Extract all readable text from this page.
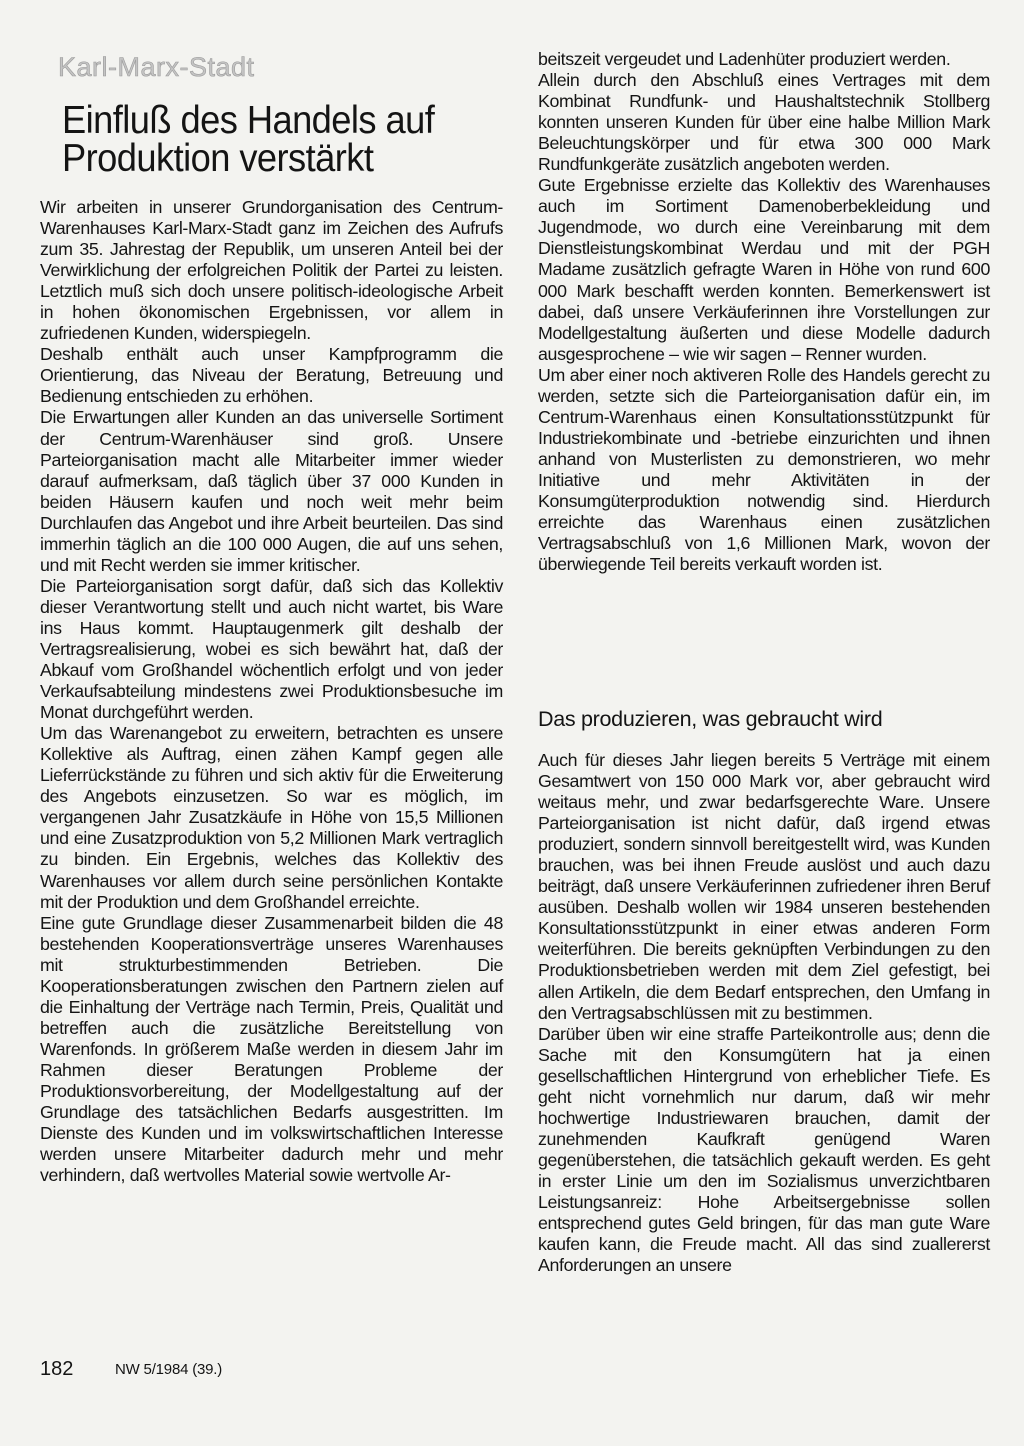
Karl-Marx-Stadt
Einfluß des Handels auf Produktion verstärkt

Wir arbeiten in unserer Grundorganisation des Centrum-Warenhauses Karl-Marx-Stadt ganz im Zeichen des Aufrufs zum 35. Jahrestag der Republik, um unseren Anteil bei der Verwirklichung der erfolgreichen Politik der Partei zu leisten. Letztlich muß sich doch unsere politisch-ideologische Arbeit in hohen ökonomischen Ergebnissen, vor allem in zufriedenen Kunden, widerspiegeln.

Deshalb enthält auch unser Kampfprogramm die Orientierung, das Niveau der Beratung, Betreuung und Bedienung entschieden zu erhöhen.

Die Erwartungen aller Kunden an das universelle Sortiment der Centrum-Warenhäuser sind groß. Unsere Parteiorganisation macht alle Mitarbeiter immer wieder darauf aufmerksam, daß täglich über 37 000 Kunden in beiden Häusern kaufen und noch weit mehr beim Durchlaufen das Angebot und ihre Arbeit beurteilen. Das sind immerhin täglich an die 100 000 Augen, die auf uns sehen, und mit Recht werden sie immer kritischer.

Die Parteiorganisation sorgt dafür, daß sich das Kollektiv dieser Verantwortung stellt und auch nicht wartet, bis Ware ins Haus kommt. Hauptaugenmerk gilt deshalb der Vertragsrealisierung, wobei es sich bewährt hat, daß der Abkauf vom Großhandel wöchentlich erfolgt und von jeder Verkaufsabteilung mindestens zwei Produktionsbesuche im Monat durchgeführt werden.

Um das Warenangebot zu erweitern, betrachten es unsere Kollektive als Auftrag, einen zähen Kampf gegen alle Lieferrückstände zu führen und sich aktiv für die Erweiterung des Angebots einzusetzen. So war es möglich, im vergangenen Jahr Zusatzkäufe in Höhe von 15,5 Millionen und eine Zusatzproduktion von 5,2 Millionen Mark vertraglich zu binden. Ein Ergebnis, welches das Kollektiv des Warenhauses vor allem durch seine persönlichen Kontakte mit der Produktion und dem Großhandel erreichte.

Eine gute Grundlage dieser Zusammenarbeit bilden die 48 bestehenden Kooperationsverträge unseres Warenhauses mit strukturbestimmenden Betrieben. Die Kooperationsberatungen zwischen den Partnern zielen auf die Einhaltung der Verträge nach Termin, Preis, Qualität und betreffen auch die zusätzliche Bereitstellung von Warenfonds. In größerem Maße werden in diesem Jahr im Rahmen dieser Beratungen Probleme der Produktionsvorbereitung, der Modellgestaltung auf der Grundlage des tatsächlichen Bedarfs ausgestritten. Im Dienste des Kunden und im volkswirtschaftlichen Interesse werden unsere Mitarbeiter dadurch mehr und mehr verhindern, daß wertvolles Material sowie wertvolle Ar-

beitszeit vergeudet und Ladenhüter produziert werden.

Allein durch den Abschluß eines Vertrages mit dem Kombinat Rundfunk- und Haushaltstechnik Stollberg konnten unseren Kunden für über eine halbe Million Mark Beleuchtungskörper und für etwa 300 000 Mark Rundfunkgeräte zusätzlich angeboten werden.

Gute Ergebnisse erzielte das Kollektiv des Warenhauses auch im Sortiment Damenoberbekleidung und Jugendmode, wo durch eine Vereinbarung mit dem Dienstleistungskombinat Werdau und mit der PGH Madame zusätzlich gefragte Waren in Höhe von rund 600 000 Mark beschafft werden konnten. Bemerkenswert ist dabei, daß unsere Verkäuferinnen ihre Vorstellungen zur Modellgestaltung äußerten und diese Modelle dadurch ausgesprochene – wie wir sagen – Renner wurden.

Um aber einer noch aktiveren Rolle des Handels gerecht zu werden, setzte sich die Parteiorganisation dafür ein, im Centrum-Warenhaus einen Konsultationsstützpunkt für Industriekombinate und -betriebe einzurichten und ihnen anhand von Musterlisten zu demonstrieren, wo mehr Initiative und mehr Aktivitäten in der Konsumgüterproduktion notwendig sind. Hierdurch erreichte das Warenhaus einen zusätzlichen Vertragsabschluß von 1,6 Millionen Mark, wovon der überwiegende Teil bereits verkauft worden ist.

Das produzieren, was gebraucht wird

Auch für dieses Jahr liegen bereits 5 Verträge mit einem Gesamtwert von 150 000 Mark vor, aber gebraucht wird weitaus mehr, und zwar bedarfsgerechte Ware. Unsere Parteiorganisation ist nicht dafür, daß irgend etwas produziert, sondern sinnvoll bereitgestellt wird, was Kunden brauchen, was bei ihnen Freude auslöst und auch dazu beiträgt, daß unsere Verkäuferinnen zufriedener ihren Beruf ausüben. Deshalb wollen wir 1984 unseren bestehenden Konsultationsstützpunkt in einer etwas anderen Form weiterführen. Die bereits geknüpften Verbindungen zu den Produktionsbetrieben werden mit dem Ziel gefestigt, bei allen Artikeln, die dem Bedarf entsprechen, den Umfang in den Vertragsabschlüssen mit zu bestimmen.

Darüber üben wir eine straffe Parteikontrolle aus; denn die Sache mit den Konsumgütern hat ja einen gesellschaftlichen Hintergrund von erheblicher Tiefe. Es geht nicht vornehmlich nur darum, daß wir mehr hochwertige Industriewaren brauchen, damit der zunehmenden Kaufkraft genügend Waren gegenüberstehen, die tatsächlich gekauft werden. Es geht in erster Linie um den im Sozialismus unverzichtbaren Leistungsanreiz: Hohe Arbeitsergebnisse sollen entsprechend gutes Geld bringen, für das man gute Ware kaufen kann, die Freude macht. All das sind zuallererst Anforderungen an unsere

182	NW 5/1984 (39.)
